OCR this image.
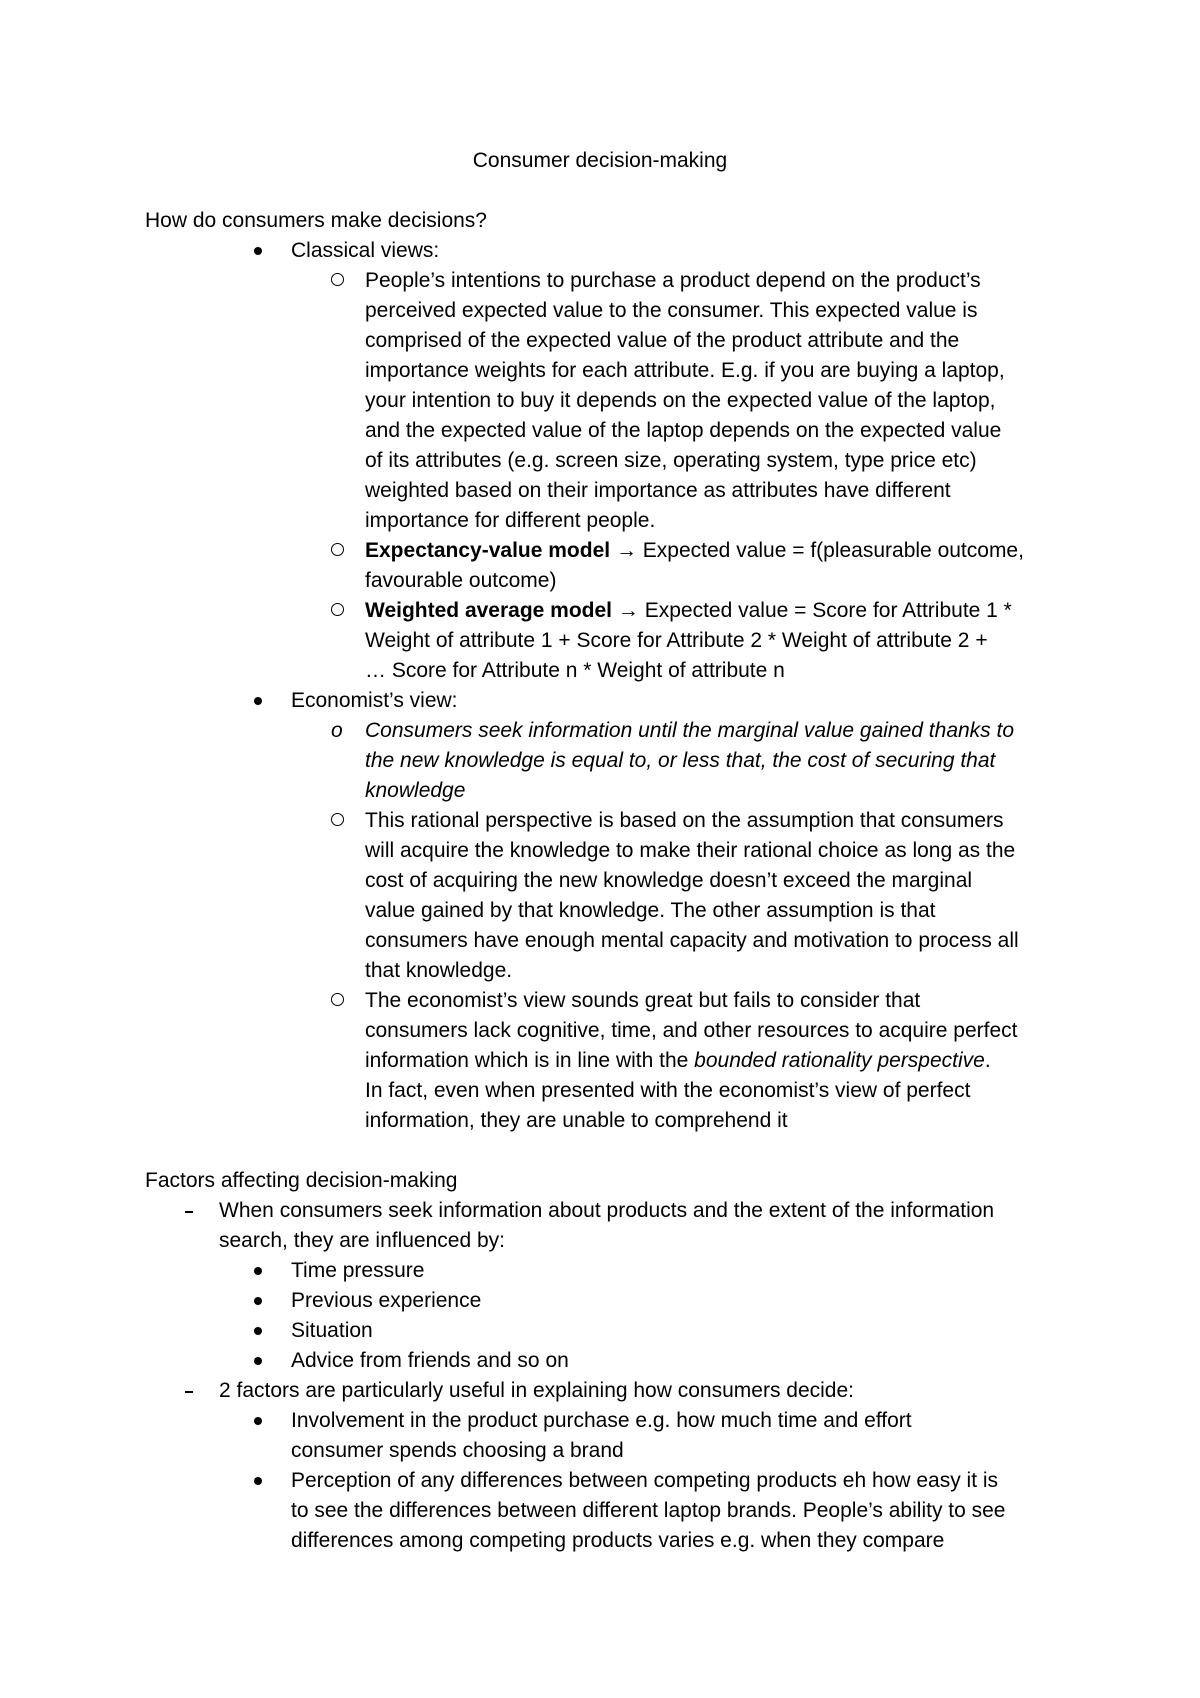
Consumer decision-making
How do consumers make decisions?
Classical views:
People’s intentions to purchase a product depend on the product’s
perceived expected value to the consumer. This expected value is
comprised of the expected value of the product attribute and the
importance weights for each attribute. E.g. if you are buying a laptop,
your intention to buy it depends on the expected value of the laptop,
and the expected value of the laptop depends on the expected value
of its attributes (e.g. screen size, operating system, type price etc)
weighted based on their importance as attributes have different
importance for different people.
Expectancy-value model → Expected value = f(pleasurable outcome,
favourable outcome)
Weighted average model → Expected value = Score for Attribute 1 *
Weight of attribute 1 + Score for Attribute 2 * Weight of attribute 2 +
… Score for Attribute n * Weight of attribute n
Economist’s view:
o Consumers seek information until the marginal value gained thanks to
the new knowledge is equal to, or less that, the cost of securing that
knowledge
This rational perspective is based on the assumption that consumers
will acquire the knowledge to make their rational choice as long as the
cost of acquiring the new knowledge doesn’t exceed the marginal
value gained by that knowledge. The other assumption is that
consumers have enough mental capacity and motivation to process all
that knowledge.
The economist’s view sounds great but fails to consider that
consumers lack cognitive, time, and other resources to acquire perfect
information which is in line with the bounded rationality perspective.
In fact, even when presented with the economist’s view of perfect
information, they are unable to comprehend it
Factors affecting decision-making
When consumers seek information about products and the extent of the information
search, they are influenced by:
Time pressure
Previous experience
Situation
Advice from friends and so on
2 factors are particularly useful in explaining how consumers decide:
Involvement in the product purchase e.g. how much time and effort
consumer spends choosing a brand
Perception of any differences between competing products eh how easy it is
to see the differences between different laptop brands. People’s ability to see
differences among competing products varies e.g. when they compare
